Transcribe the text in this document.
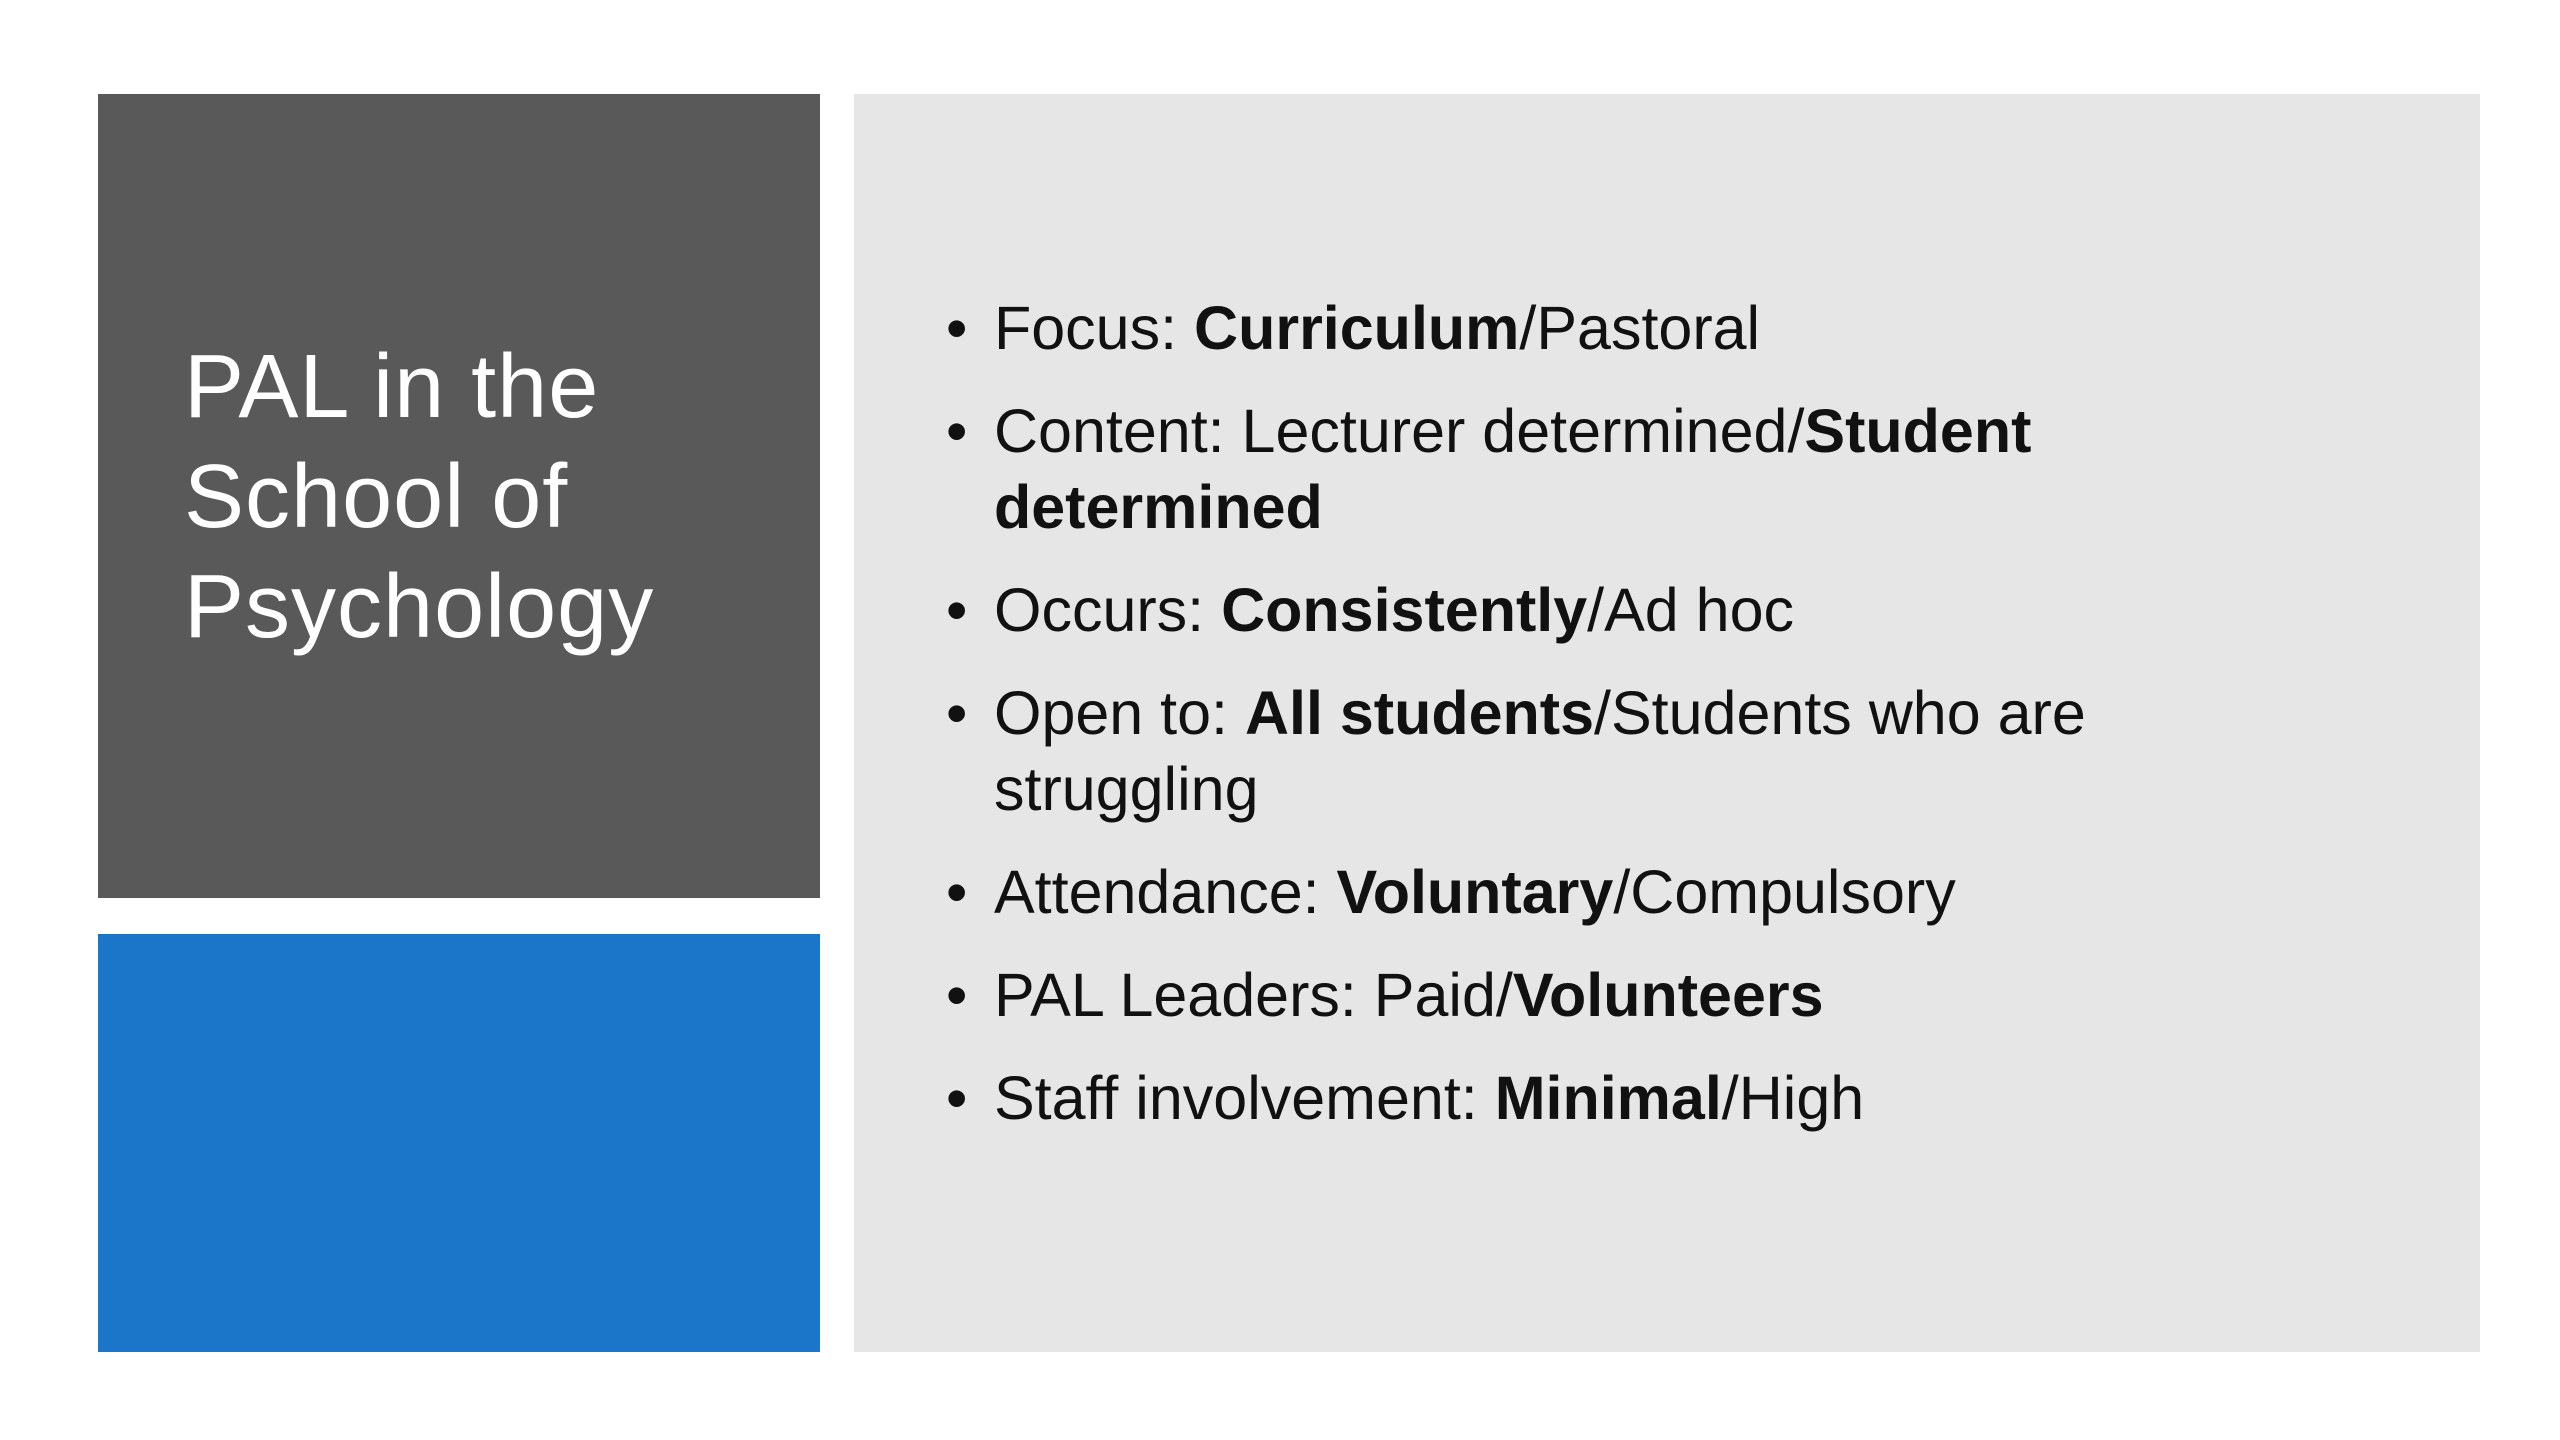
PAL in the School of Psychology
• Focus: Curriculum/Pastoral
• Content: Lecturer determined/Student determined
• Occurs: Consistently/Ad hoc
• Open to: All students/Students who are struggling
• Attendance: Voluntary/Compulsory
• PAL Leaders: Paid/Volunteers
• Staff involvement: Minimal/High
